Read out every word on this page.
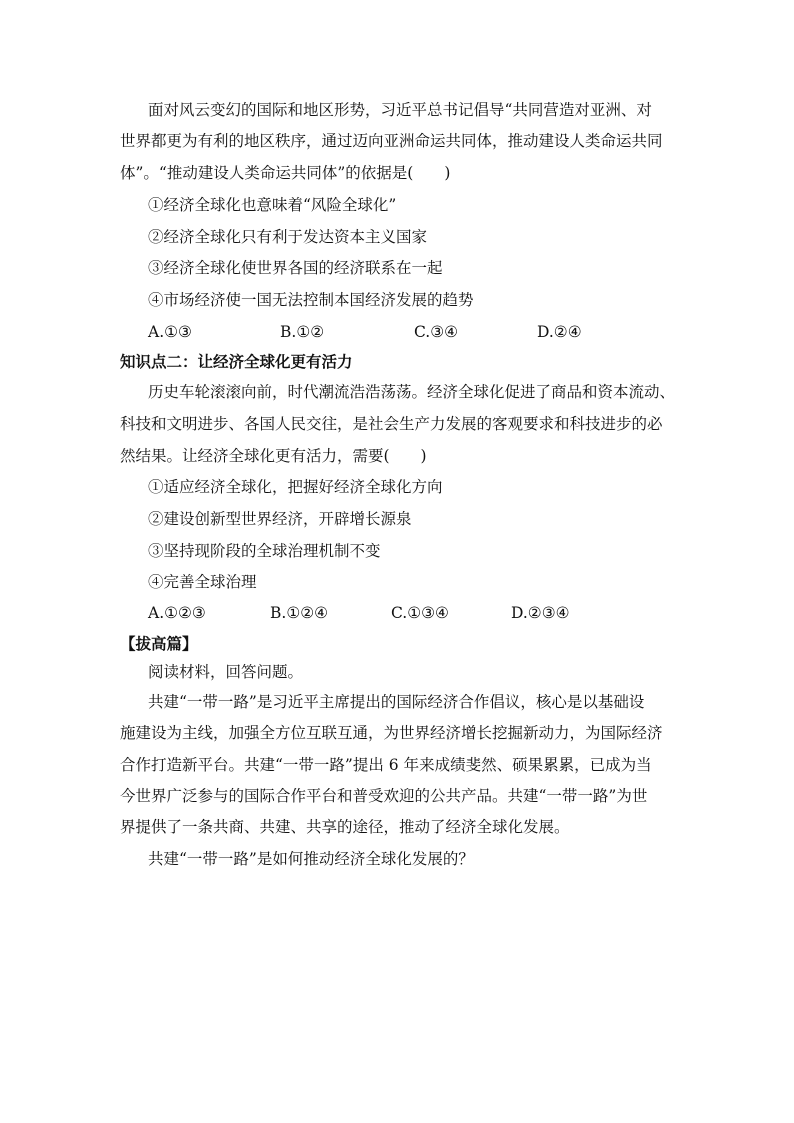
面对风云变幻的国际和地区形势，习近平总书记倡导“共同营造对亚洲、对
世界都更为有利的地区秩序，通过迈向亚洲命运共同体，推动建设人类命运共同
体”。“推动建设人类命运共同体”的依据是(　　)
①经济全球化也意味着“风险全球化”
②经济全球化只有利于发达资本主义国家
③经济全球化使世界各国的经济联系在一起
④市场经济使一国无法控制本国经济发展的趋势
A.①③	B.①②	C.③④	D.②④
知识点二：让经济全球化更有活力
历史车轮滚滚向前，时代潮流浩浩荡荡。经济全球化促进了商品和资本流动、
科技和文明进步、各国人民交往，是社会生产力发展的客观要求和科技进步的必
然结果。让经济全球化更有活力，需要(　　)
①适应经济全球化，把握好经济全球化方向
②建设创新型世界经济，开辟增长源泉
③坚持现阶段的全球治理机制不变
④完善全球治理
A.①②③	B.①②④	C.①③④	D.②③④
【拔高篇】
阅读材料，回答问题。
共建“一带一路”是习近平主席提出的国际经济合作倡议，核心是以基础设
施建设为主线，加强全方位互联互通，为世界经济增长挖掘新动力，为国际经济
合作打造新平台。共建“一带一路”提出 6 年来成绩斐然、硕果累累，已成为当
今世界广泛参与的国际合作平台和普受欢迎的公共产品。共建“一带一路”为世
界提供了一条共商、共建、共享的途径，推动了经济全球化发展。
共建“一带一路”是如何推动经济全球化发展的？
